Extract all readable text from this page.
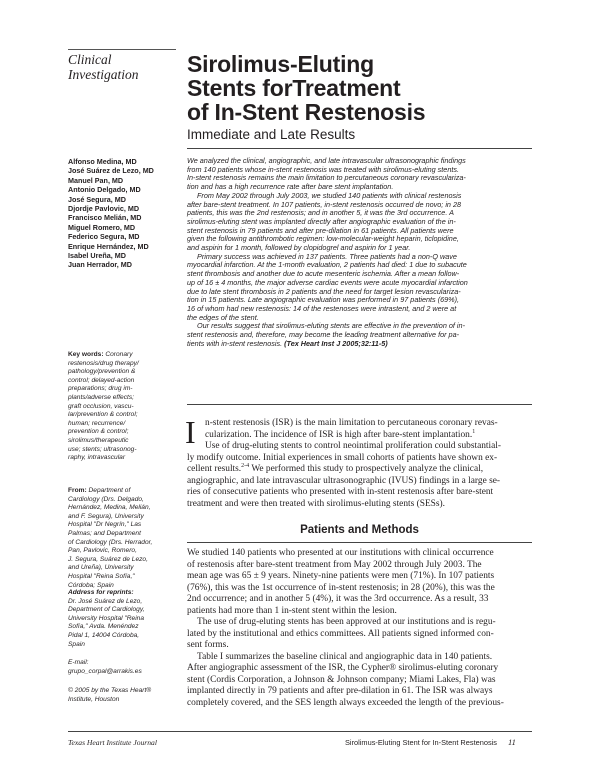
Clinical
Investigation	Sirolimus-Eluting
Stents forTreatment
of In-Stent Restenosis
Immediate and Late Results
Alfonso Medina, MD
José Suárez de Lezo, MD
Manuel Pan, MD
Antonio Delgado, MD
José Segura, MD
Djordje Pavlovic, MD
Francisco Melián, MD
Miguel Romero, MD
Federico Segura, MD
Enrique Hernández, MD
Isabel Ureña, MD
Juan Herrador, MD
Key words: Coronary
restenosis/drug therapy/
pathology/prevention &
control; delayed-action
preparations; drug im-
plants/adverse effects;
graft occlusion, vascu-
lar/prevention & control;
human; recurrence/
prevention & control;
sirolimus/therapeutic
use; stents; ultrasonog-
raphy, intravascular
From: Department of
Cardiology (Drs. Delgado,
Hernández, Medina, Melián,
and F. Segura), University
Hospital "Dr Negrín," Las
Palmas; and Department
of Cardiology (Drs. Herrador,
Pan, Pavlovic, Romero,
J. Segura, Suárez de Lezo,
and Ureña), University
Hospital "Reina Sofía,"
Córdoba; Spain
Address for reprints:
Dr. José Suárez de Lezo,
Department of Cardiology,
University Hospital "Reina
Sofía," Avda. Menéndez
Pidal 1, 14004 Córdoba,
Spain
E-mail:
grupo_corpal@arrakis.es
© 2005 by the Texas Heart®
Institute, Houston
We analyzed the clinical, angiographic, and late intravascular ultrasonographic findings
from 140 patients whose in-stent restenosis was treated with sirolimus-eluting stents.
In-stent restenosis remains the main limitation to percutaneous coronary revasculariza-
tion and has a high recurrence rate after bare stent implantation.
From May 2002 through July 2003, we studied 140 patients with clinical restenosis
after bare-stent treatment. In 107 patients, in-stent restenosis occurred de novo; in 28
patients, this was the 2nd restenosis; and in another 5, it was the 3rd occurrence. A
sirolimus-eluting stent was implanted directly after angiographic evaluation of the in-
stent restenosis in 79 patients and after pre-dilation in 61 patients. All patients were
given the following antithrombotic regimen: low-molecular-weight heparin, ticlopidine,
and aspirin for 1 month, followed by clopidogrel and aspirin for 1 year.
Primary success was achieved in 137 patients. Three patients had a non-Q wave
myocardial infarction. At the 1-month evaluation, 2 patients had died: 1 due to subacute
stent thrombosis and another due to acute mesenteric ischemia. After a mean follow-
up of 16 ± 4 months, the major adverse cardiac events were acute myocardial infarction
due to late stent thrombosis in 2 patients and the need for target lesion revasculariza-
tion in 15 patients. Late angiographic evaluation was performed in 97 patients (69%),
16 of whom had new restenosis: 14 of the restenoses were intrastent, and 2 were at
the edges of the stent.
Our results suggest that sirolimus-eluting stents are effective in the prevention of in-
stent restenosis and, therefore, may become the leading treatment alternative for pa-
tients with in-stent restenosis. (Tex Heart Inst J 2005;32:11-5)
I n-stent restenosis (ISR) is the main limitation to percutaneous coronary revas-
cularization. The incidence of ISR is high after bare-stent implantation.$^1$
Use of drug-eluting stents to control neointimal proliferation could substantial-
ly modify outcome. Initial experiences in small cohorts of patients have shown ex-
cellent results.$^{2-4}$ We performed this study to prospectively analyze the clinical,
angiographic, and late intravascular ultrasonographic (IVUS) findings in a large se-
ries of consecutive patients who presented with in-stent restenosis after bare-stent
treatment and were then treated with sirolimus-eluting stents (SESs).
Patients and Methods
We studied 140 patients who presented at our institutions with clinical occurrence
of restenosis after bare-stent treatment from May 2002 through July 2003. The
mean age was 65 ± 9 years. Ninety-nine patients were men (71%). In 107 patients
(76%), this was the 1st occurrence of in-stent restenosis; in 28 (20%), this was the
2nd occurrence; and in another 5 (4%), it was the 3rd occurrence. As a result, 33
patients had more than 1 in-stent stent within the lesion.
The use of drug-eluting stents has been approved at our institutions and is regu-
lated by the institutional and ethics committees. All patients signed informed con-
sent forms.
Table I summarizes the baseline clinical and angiographic data in 140 patients.
After angiographic assessment of the ISR, the Cypher® sirolimus-eluting coronary
stent (Cordis Corporation, a Johnson & Johnson company; Miami Lakes, Fla) was
implanted directly in 79 patients and after pre-dilation in 61. The ISR was always
completely covered, and the SES length always exceeded the length of the previous-
Texas Heart Institute Journal	Sirolimus-Eluting Stent for In-Stent Restenosis 11
